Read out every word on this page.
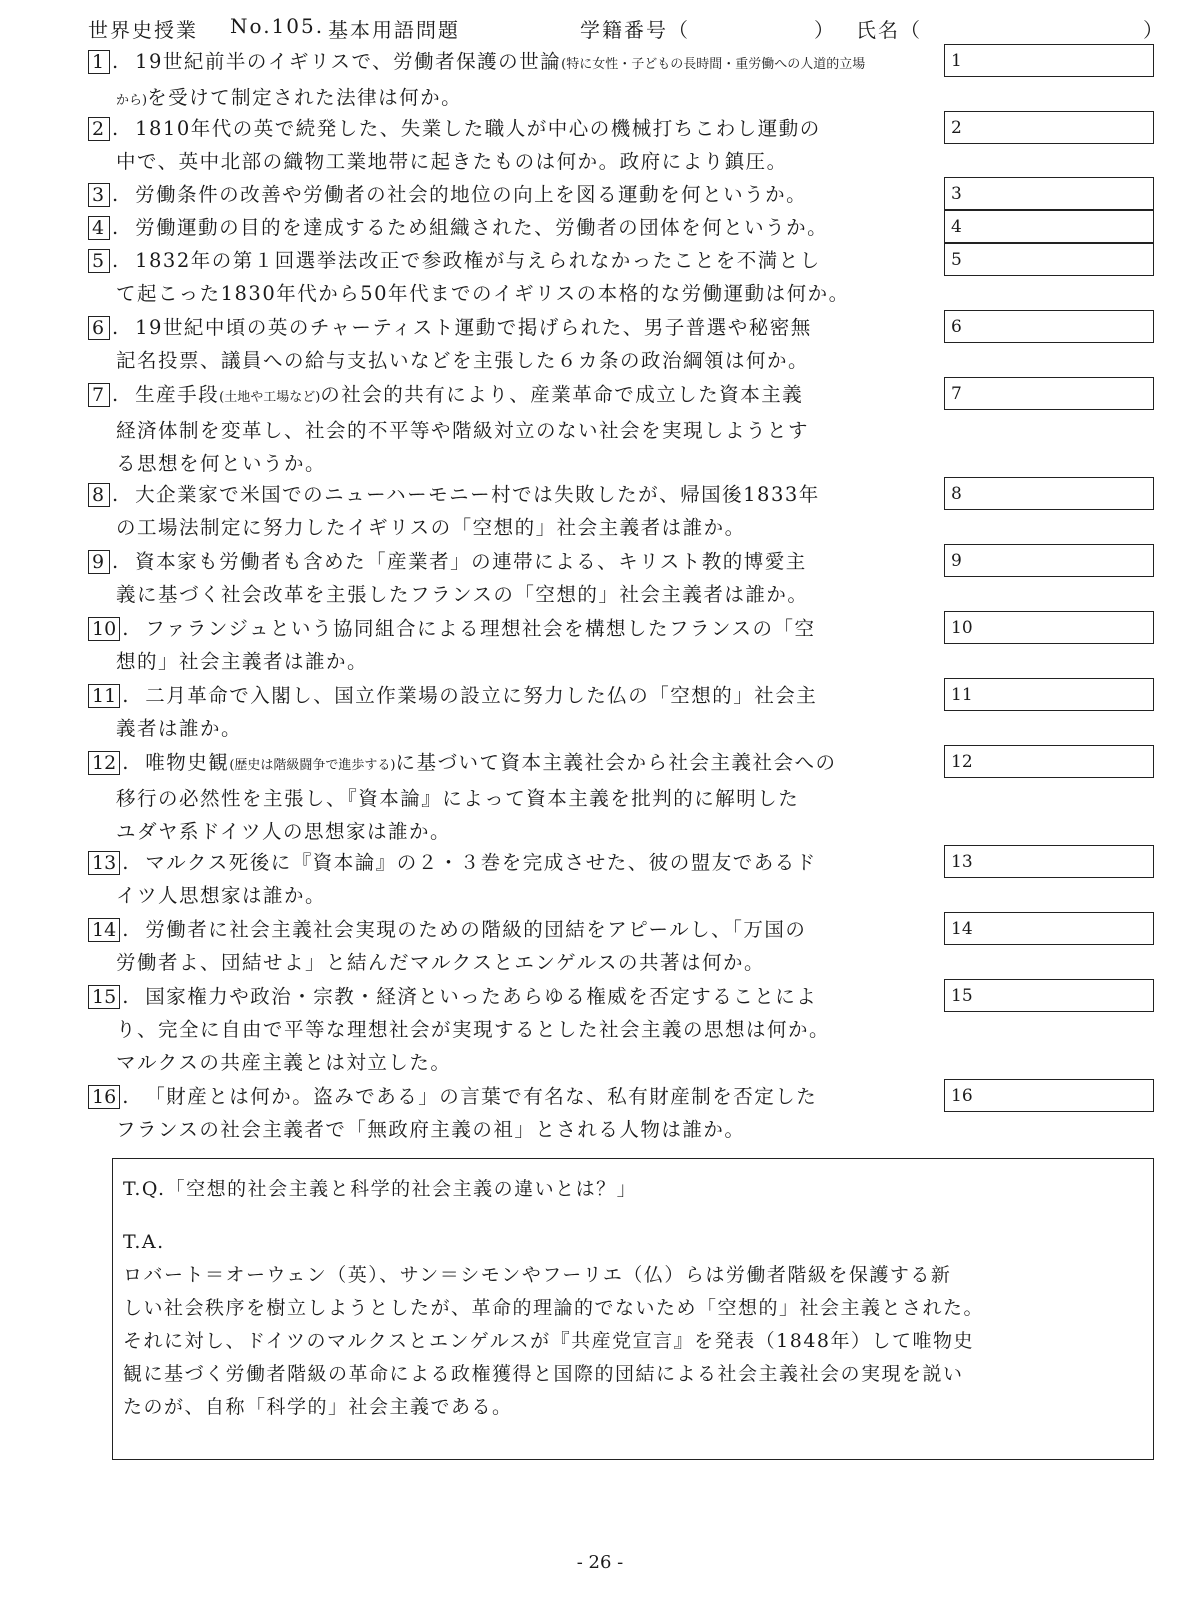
世界史授業 No.105. 基本用語問題	学籍番号（	） 氏名（	）
1 .  19世紀前半のイギリスで、労働者保護の世論(特に女性・子どもの長時間・重労働への人道的立場
から)を受けて制定された法律は何か。
1
2 .  1810年代の英で続発した、失業した職人が中心の機械打ちこわし運動の
中で、英中北部の織物工業地帯に起きたものは何か。政府により鎮圧。
2
3 .  労働条件の改善や労働者の社会的地位の向上を図る運動を何というか。	3
4 .  労働運動の目的を達成するため組織された、労働者の団体を何というか。	4
5 .  1832年の第１回選挙法改正で参政権が与えられなかったことを不満とし
て起こった1830年代から50年代までのイギリスの本格的な労働運動は何か。
5
6 .  19世紀中頃の英のチャーティスト運動で掲げられた、男子普選や秘密無
記名投票、議員への給与支払いなどを主張した６カ条の政治綱領は何か。
6
7 .  生産手段(土地や工場など)の社会的共有により、産業革命で成立した資本主義
経済体制を変革し、社会的不平等や階級対立のない社会を実現しようとす
る思想を何というか。
7
8 .  大企業家で米国でのニューハーモニー村では失敗したが、帰国後1833年
の工場法制定に努力したイギリスの「空想的」社会主義者は誰か。
8
9 .  資本家も労働者も含めた「産業者」の連帯による、キリスト教的博愛主
義に基づく社会改革を主張したフランスの「空想的」社会主義者は誰か。
9
10 .  ファランジュという協同組合による理想社会を構想したフランスの「空
想的」社会主義者は誰か。
10
11 .  二月革命で入閣し、国立作業場の設立に努力した仏の「空想的」社会主
義者は誰か。
11
12 .  唯物史観(歴史は階級闘争で進歩する)に基づいて資本主義社会から社会主義社会への
移行の必然性を主張し、『資本論』によって資本主義を批判的に解明した
ユダヤ系ドイツ人の思想家は誰か。
12
13 .  マルクス死後に『資本論』の２・３巻を完成させた、彼の盟友であるド
イツ人思想家は誰か。
13
14 .  労働者に社会主義社会実現のための階級的団結をアピールし、「万国の
労働者よ、団結せよ」と結んだマルクスとエンゲルスの共著は何か。
14
15 .  国家権力や政治・宗教・経済といったあらゆる権威を否定することによ
り、完全に自由で平等な理想社会が実現するとした社会主義の思想は何か。
マルクスの共産主義とは対立した。
15
16 .  「財産とは何か。盗みである」の言葉で有名な、私有財産制を否定した
フランスの社会主義者で「無政府主義の祖」とされる人物は誰か。
16
T.Q.「空想的社会主義と科学的社会主義の違いとは？」
T.A.
ロバート＝オーウェン（英）、サン＝シモンやフーリエ（仏）らは労働者階級を保護する新
しい社会秩序を樹立しようとしたが、革命的理論的でないため「空想的」社会主義とされた。
それに対し、ドイツのマルクスとエンゲルスが『共産党宣言』を発表（1848年）して唯物史
観に基づく労働者階級の革命による政権獲得と国際的団結による社会主義社会の実現を説い
たのが、自称「科学的」社会主義である。
- 26 -
